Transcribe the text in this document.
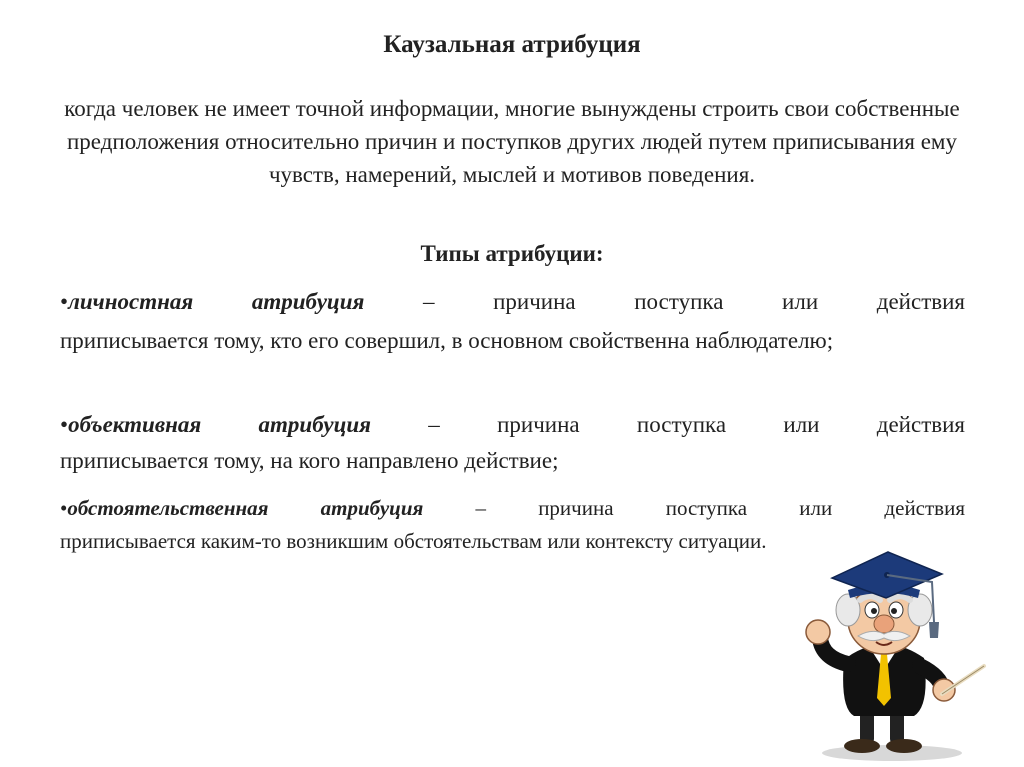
Каузальная атрибуция
когда человек не имеет точной информации, многие вынуждены строить свои собственные предположения относительно причин и поступков других людей путем приписывания ему чувств, намерений, мыслей и мотивов поведения.
Типы атрибуции:
•личностная атрибуция – причина поступка или действия
приписывается тому, кто его совершил, в основном свойственна наблюдателю;
•объективная атрибуция – причина поступка или действия
приписывается тому, на кого направлено действие;
•обстоятельственная атрибуция – причина поступка или действия
приписывается каким-то возникшим обстоятельствам или контексту ситуации.
